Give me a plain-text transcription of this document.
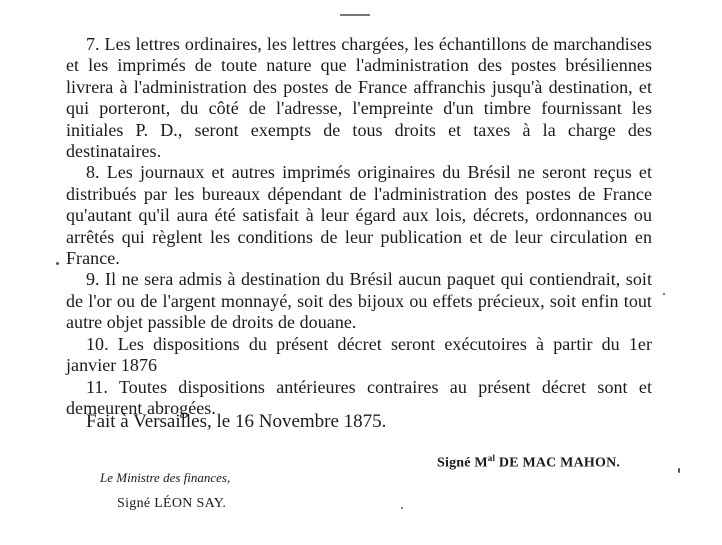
7. Les lettres ordinaires, les lettres chargées, les échantillons de marchandises et les imprimés de toute nature que l'administration des postes brésiliennes livrera à l'administration des postes de France affranchis jusqu'à destination, et qui porteront, du côté de l'adresse, l'empreinte d'un timbre fournissant les initiales P. D., seront exempts de tous droits et taxes à la charge des destinataires.

8. Les journaux et autres imprimés originaires du Brésil ne seront reçus et distribués par les bureaux dépendant de l'administration des postes de France qu'autant qu'il aura été satisfait à leur égard aux lois, décrets, ordonnances ou arrêtés qui règlent les conditions de leur publication et de leur circulation en France.

9. Il ne sera admis à destination du Brésil aucun paquet qui contiendrait, soit de l'or ou de l'argent monnayé, soit des bijoux ou effets précieux, soit enfin tout autre objet passible de droits de douane.

10. Les dispositions du présent décret seront exécutoires à partir du 1er janvier 1876

11. Toutes dispositions antérieures contraires au présent décret sont et demeurent abrogées.

Fait à Versailles, le 16 Novembre 1875.
Signé $M^{al}$ DE MAC MAHON.
Le Ministre des finances,
Signé LÉON SAY.
